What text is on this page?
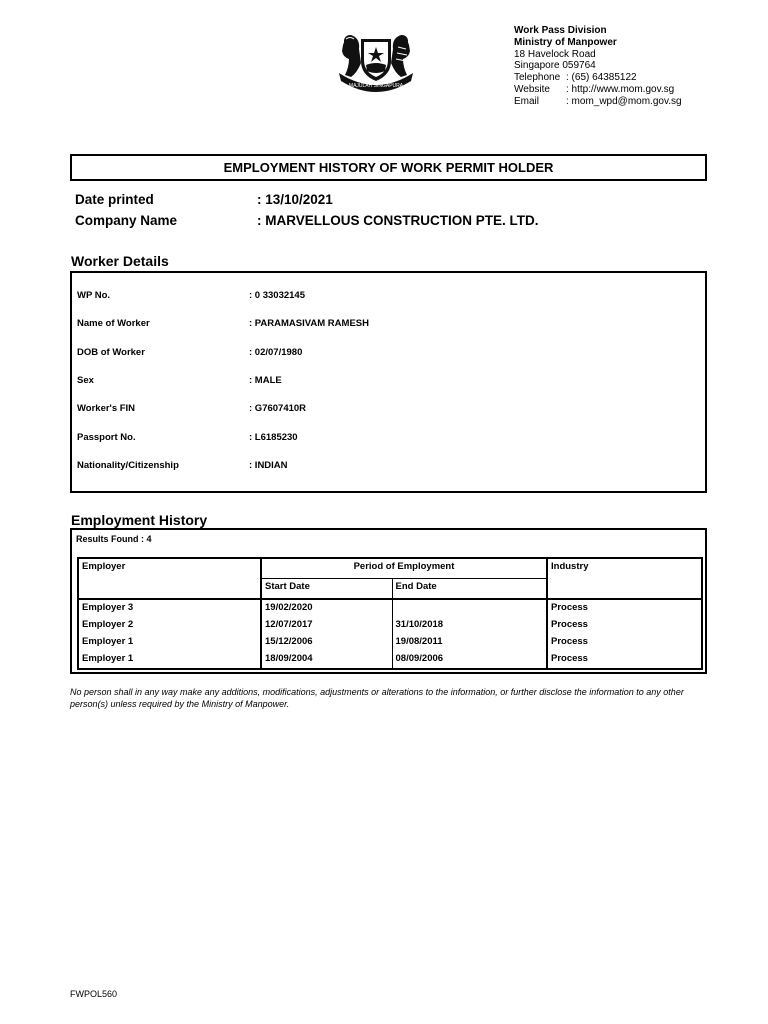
MAJULAH SINGAPURA
Work Pass Division
Ministry of Manpower
18 Havelock Road
Singapore 059764
Telephone : (65) 64385122
Website	: http://www.mom.gov.sg
Email	: mom_wpd@mom.gov.sg
EMPLOYMENT HISTORY OF WORK PERMIT HOLDER
Date printed	: 13/10/2021
Company Name	: MARVELLOUS CONSTRUCTION PTE. LTD.
Worker Details
WP No.	: 0 33032145
Name of Worker	: PARAMASIVAM RAMESH
DOB of Worker	: 02/07/1980
Sex	: MALE
Worker's FIN	: G7607410R
Passport No.	: L6185230
Nationality/Citizenship	: INDIAN
Employment History
Results Found : 4
Employer	Period of Employment		Industry
	Start Date	End Date	
Employer 3	19/02/2020		Process
Employer 2	12/07/2017	31/10/2018	Process
Employer 1	15/12/2006	19/08/2011	Process
Employer 1	18/09/2004	08/09/2006	Process
No person shall in any way make any additions, modifications, adjustments or alterations to the information, or further disclose the information to any other person(s) unless required by the Ministry of Manpower.
FWPOL560
